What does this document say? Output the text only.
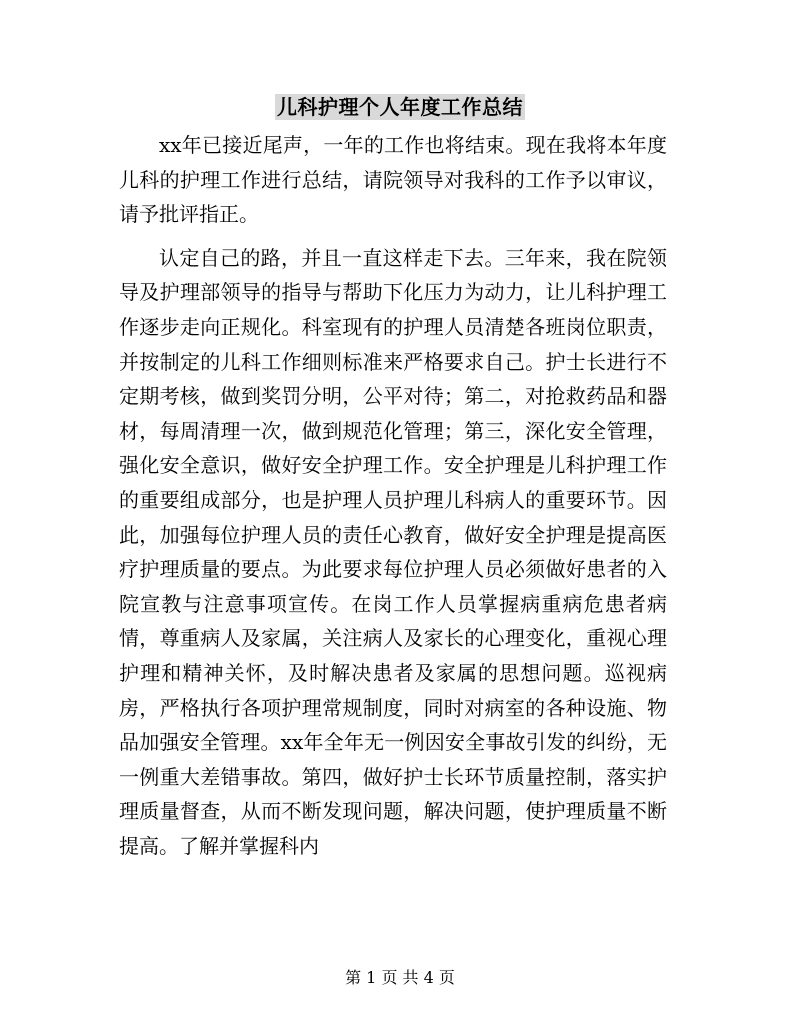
儿科护理个人年度工作总结

xx年已接近尾声，一年的工作也将结束。现在我将本年度儿科的护理工作进行总结，请院领导对我科的工作予以审议，请予批评指正。

认定自己的路，并且一直这样走下去。三年来，我在院领导及护理部领导的指导与帮助下化压力为动力，让儿科护理工作逐步走向正规化。科室现有的护理人员清楚各班岗位职责，并按制定的儿科工作细则标准来严格要求自己。护士长进行不定期考核，做到奖罚分明，公平对待；第二，对抢救药品和器材，每周清理一次，做到规范化管理；第三，深化安全管理，强化安全意识，做好安全护理工作。安全护理是儿科护理工作的重要组成部分，也是护理人员护理儿科病人的重要环节。因此，加强每位护理人员的责任心教育，做好安全护理是提高医疗护理质量的要点。为此要求每位护理人员必须做好患者的入院宣教与注意事项宣传。在岗工作人员掌握病重病危患者病情，尊重病人及家属，关注病人及家长的心理变化，重视心理护理和精神关怀，及时解决患者及家属的思想问题。巡视病房，严格执行各项护理常规制度，同时对病室的各种设施、物品加强安全管理。xx年全年无一例因安全事故引发的纠纷，无一例重大差错事故。第四，做好护士长环节质量控制，落实护理质量督查，从而不断发现问题，解决问题，使护理质量不断提高。了解并掌握科内

第 1 页 共 4 页
